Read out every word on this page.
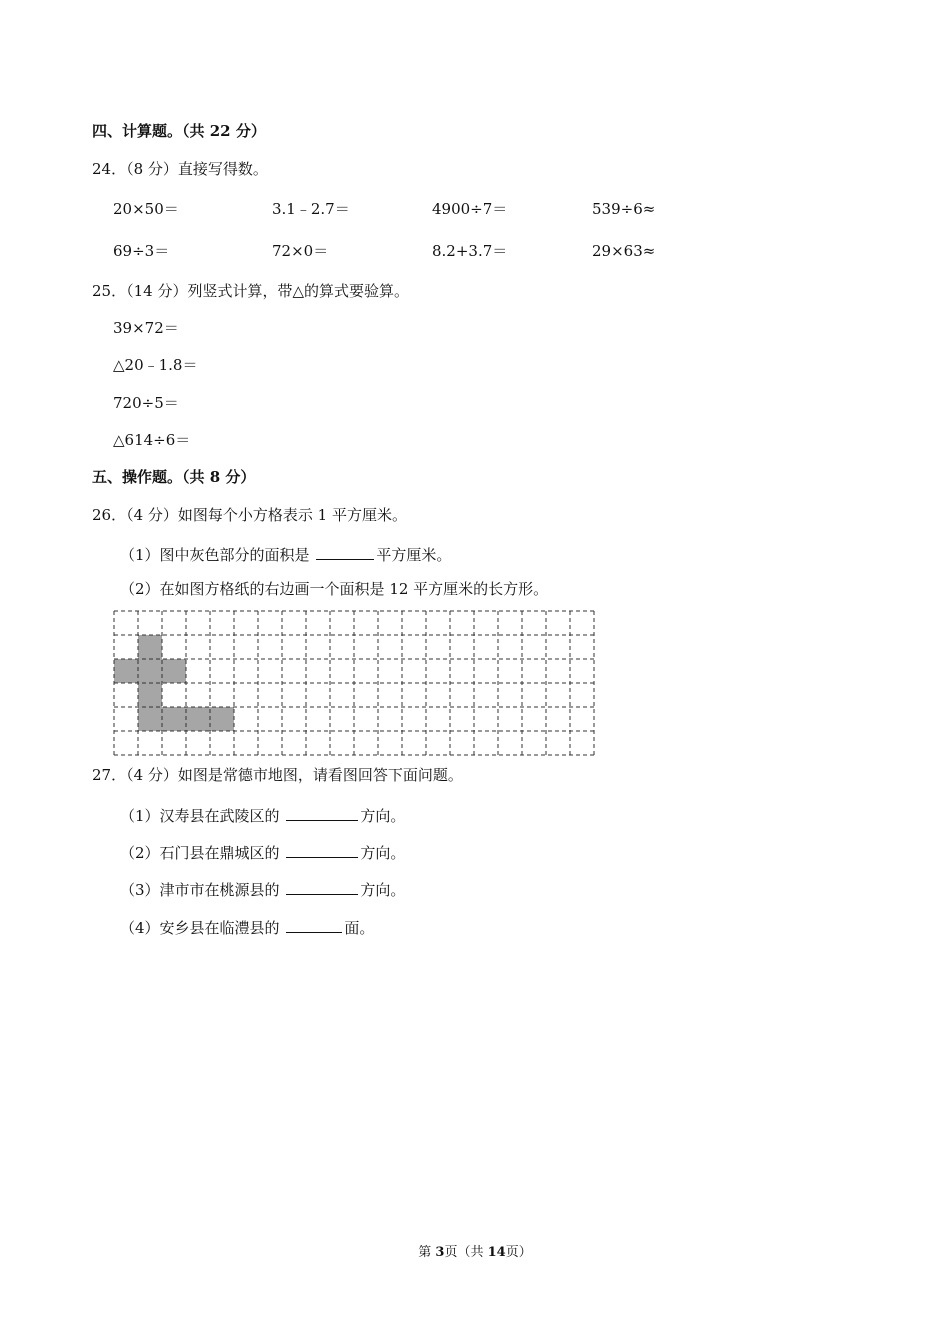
四、计算题。（共 22 分）
24．（8 分）直接写得数。
20×50＝	3.1﹣2.7＝	4900÷7＝	539÷6≈
69÷3＝	72×0＝	8.2+3.7＝	29×63≈
25．（14 分）列竖式计算，带△的算式要验算。
39×72＝
△20﹣1.8＝
720÷5＝
△614÷6＝
五、操作题。（共 8 分）
26．（4 分）如图每个小方格表示 1 平方厘米。
（1）图中灰色部分的面积是	平方厘米。
（2）在如图方格纸的右边画一个面积是 12 平方厘米的长方形。
27．（4 分）如图是常德市地图，请看图回答下面问题。
（1）汉寿县在武陵区的	方向。
（2）石门县在鼎城区的	方向。
（3）津市市在桃源县的	方向。
（4）安乡县在临澧县的	面。
第 3页（共 14页）
